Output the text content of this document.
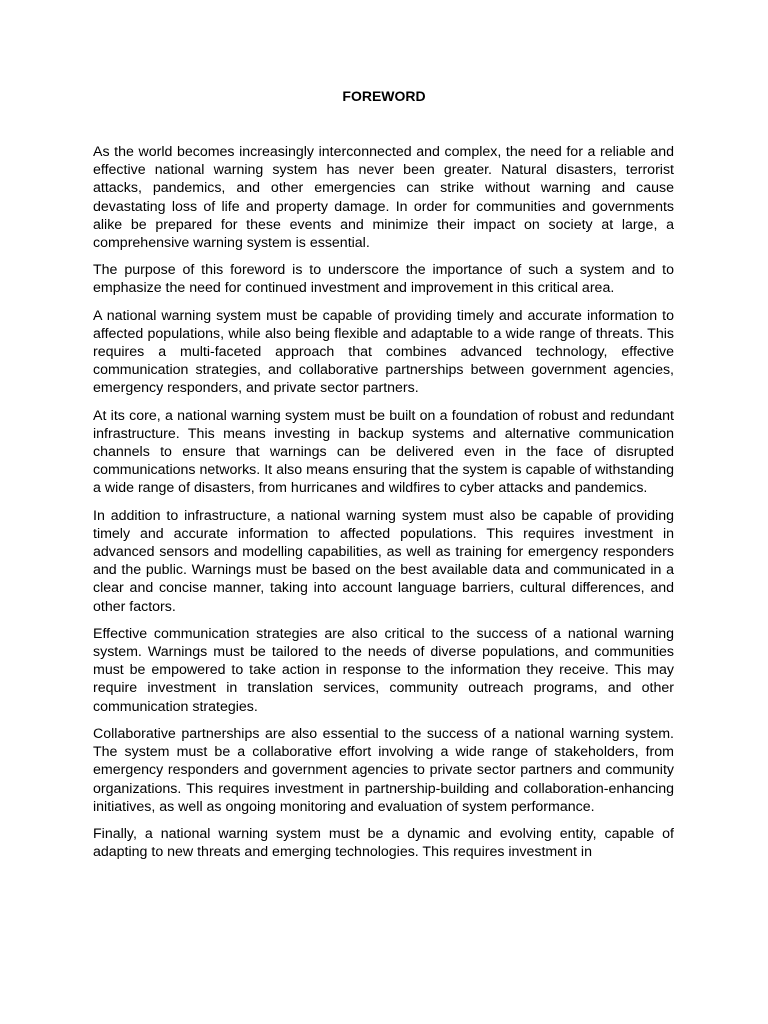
FOREWORD

As the world becomes increasingly interconnected and complex, the need for a reliable and effective national warning system has never been greater. Natural disasters, terrorist attacks, pandemics, and other emergencies can strike without warning and cause devastating loss of life and property damage. In order for communities and governments alike be prepared for these events and minimize their impact on society at large, a comprehensive warning system is essential.

The purpose of this foreword is to underscore the importance of such a system and to emphasize the need for continued investment and improvement in this critical area.

A national warning system must be capable of providing timely and accurate information to affected populations, while also being flexible and adaptable to a wide range of threats. This requires a multi-faceted approach that combines advanced technology, effective communication strategies, and collaborative partnerships between government agencies, emergency responders, and private sector partners.

At its core, a national warning system must be built on a foundation of robust and redundant infrastructure. This means investing in backup systems and alternative communication channels to ensure that warnings can be delivered even in the face of disrupted communications networks. It also means ensuring that the system is capable of withstanding a wide range of disasters, from hurricanes and wildfires to cyber attacks and pandemics.

In addition to infrastructure, a national warning system must also be capable of providing timely and accurate information to affected populations. This requires investment in advanced sensors and modelling capabilities, as well as training for emergency responders and the public. Warnings must be based on the best available data and communicated in a clear and concise manner, taking into account language barriers, cultural differences, and other factors.

Effective communication strategies are also critical to the success of a national warning system. Warnings must be tailored to the needs of diverse populations, and communities must be empowered to take action in response to the information they receive. This may require investment in translation services, community outreach programs, and other communication strategies.

Collaborative partnerships are also essential to the success of a national warning system. The system must be a collaborative effort involving a wide range of stakeholders, from emergency responders and government agencies to private sector partners and community organizations. This requires investment in partnership-building and collaboration-enhancing initiatives, as well as ongoing monitoring and evaluation of system performance.

Finally, a national warning system must be a dynamic and evolving entity, capable of adapting to new threats and emerging technologies. This requires investment in
